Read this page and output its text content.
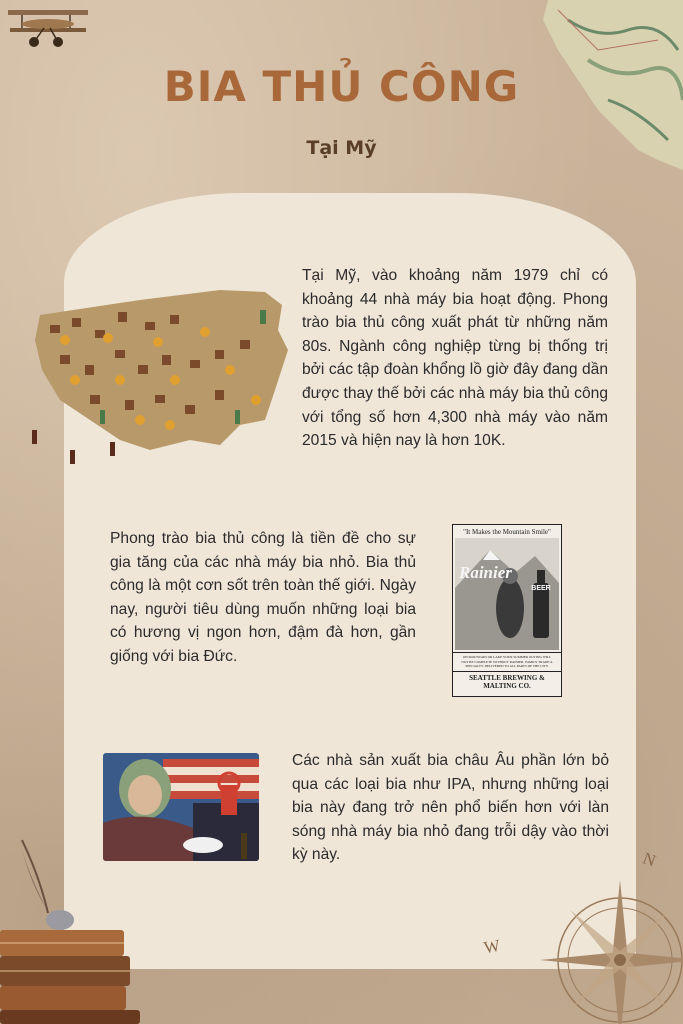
BIA THỦ CÔNG
Tại Mỹ

Tại Mỹ, vào khoảng năm 1979 chỉ có khoảng 44 nhà máy bia hoạt động. Phong trào bia thủ công xuất phát từ những năm 80s. Ngành công nghiệp từng bị thống trị bởi các tập đoàn khổng lồ giờ đây đang dần được thay thế bởi các nhà máy bia thủ công với tổng số hơn 4,300 nhà máy vào năm 2015 và hiện nay là hơn 10K.

Phong trào bia thủ công là tiền đề cho sự gia tăng của các nhà máy bia nhỏ. Bia thủ công là một cơn sốt trên toàn thế giới. Ngày nay, người tiêu dùng muốn những loại bia có hương vị ngon hơn, đậm đà hơn, gần giống với bia Đức.

"It Makes the Mountain Smile"
Rainier
BEER
ON MOUNTAIN OR LAKE YOUR SUMMER OUTING WILL NOT BE COMPLETE WITHOUT RAINIER. FAMILY TRADE A SPECIALTY. DELIVERED TO ALL PARTS OF THE CITY.
SEATTLE BREWING & MALTING CO.

Các nhà sản xuất bia châu Âu phần lớn bỏ qua các loại bia như IPA, nhưng những loại bia này đang trở nên phổ biến hơn với làn sóng nhà máy bia nhỏ đang trỗi dậy vào thời kỳ này.	N
W
